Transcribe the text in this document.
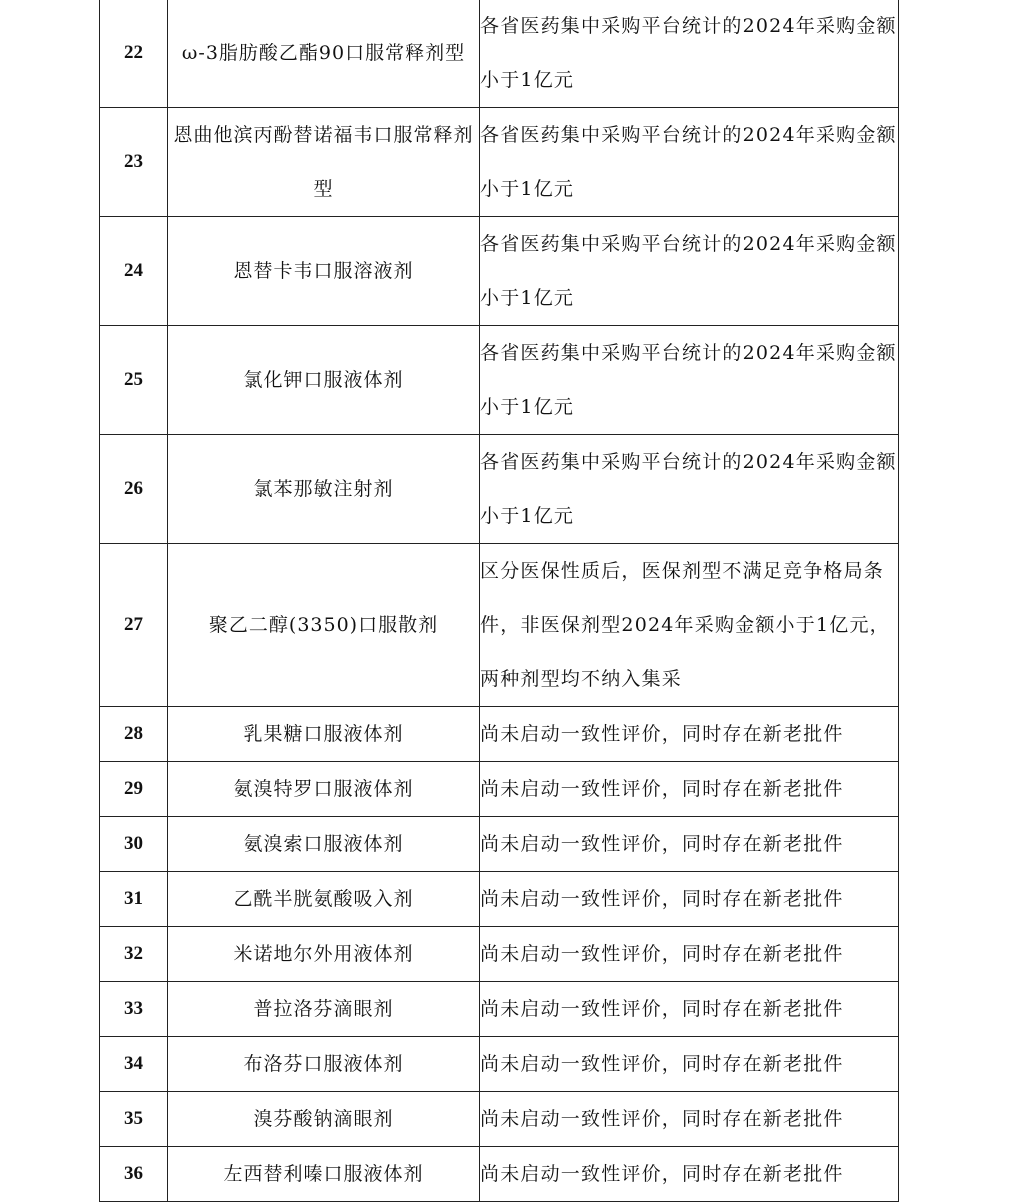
22	ω-3脂肪酸乙酯90口服常释剂型	各省医药集中采购平台统计的2024年采购金额小于1亿元
23	恩曲他滨丙酚替诺福韦口服常释剂型	各省医药集中采购平台统计的2024年采购金额小于1亿元
24	恩替卡韦口服溶液剂	各省医药集中采购平台统计的2024年采购金额小于1亿元
25	氯化钾口服液体剂	各省医药集中采购平台统计的2024年采购金额小于1亿元
26	氯苯那敏注射剂	各省医药集中采购平台统计的2024年采购金额小于1亿元
27	聚乙二醇(3350)口服散剂	区分医保性质后，医保剂型不满足竞争格局条件，非医保剂型2024年采购金额小于1亿元，两种剂型均不纳入集采
28	乳果糖口服液体剂	尚未启动一致性评价，同时存在新老批件
29	氨溴特罗口服液体剂	尚未启动一致性评价，同时存在新老批件
30	氨溴索口服液体剂	尚未启动一致性评价，同时存在新老批件
31	乙酰半胱氨酸吸入剂	尚未启动一致性评价，同时存在新老批件
32	米诺地尔外用液体剂	尚未启动一致性评价，同时存在新老批件
33	普拉洛芬滴眼剂	尚未启动一致性评价，同时存在新老批件
34	布洛芬口服液体剂	尚未启动一致性评价，同时存在新老批件
35	溴芬酸钠滴眼剂	尚未启动一致性评价，同时存在新老批件
36	左西替利嗪口服液体剂	尚未启动一致性评价，同时存在新老批件
